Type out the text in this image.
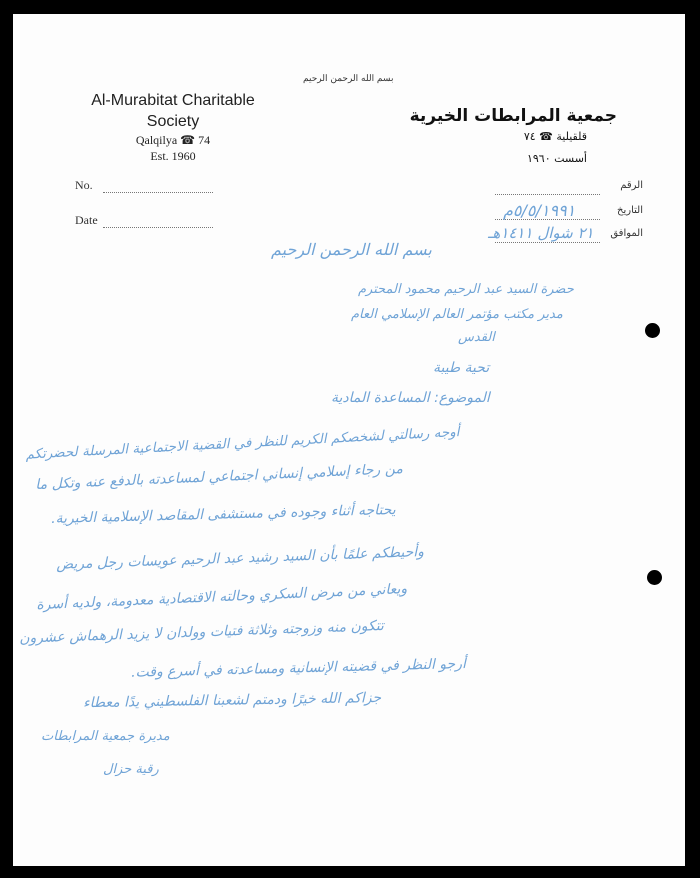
بسم الله الرحمن الرحيم
Al-Murabitat Charitable Society
Qalqilya ☎ 74
Est. 1960
جمعية المرابطات الخيرية
قلقيلية ☎ ٧٤
أسست ١٩٦٠
No.
Date
الرقم
التاريخ
الموافق
٥/٥/١٩٩١م
٢١ شوال ١٤١١هـ
بسم الله الرحمن الرحيم
حضرة السيد عبد الرحيم محمود المحترم
مدير مكتب مؤتمر العالم الإسلامي العام
القدس
تحية طيبة
الموضوع: المساعدة المادية
أوجه رسالتي لشخصكم الكريم للنظر في القضية الاجتماعية المرسلة لحضرتكم
من رجاء إسلامي إنساني اجتماعي لمساعدته بالدفع عنه وتكل ما
يحتاجه أثناء وجوده في مستشفى المقاصد الإسلامية الخيرية.
وأحيطكم علمًا بأن السيد رشيد عبد الرحيم عويسات رجل مريض
ويعاني من مرض السكري وحالته الاقتصادية معدومة، ولديه أسرة
تتكون منه وزوجته وثلاثة فتيات وولدان لا يزيد الرهماش عشرون
أرجو النظر في قضيته الإنسانية ومساعدته في أسرع وقت.
جزاكم الله خيرًا ودمتم لشعبنا الفلسطيني يدًا معطاء
مديرة جمعية المرابطات
رقية حزال
